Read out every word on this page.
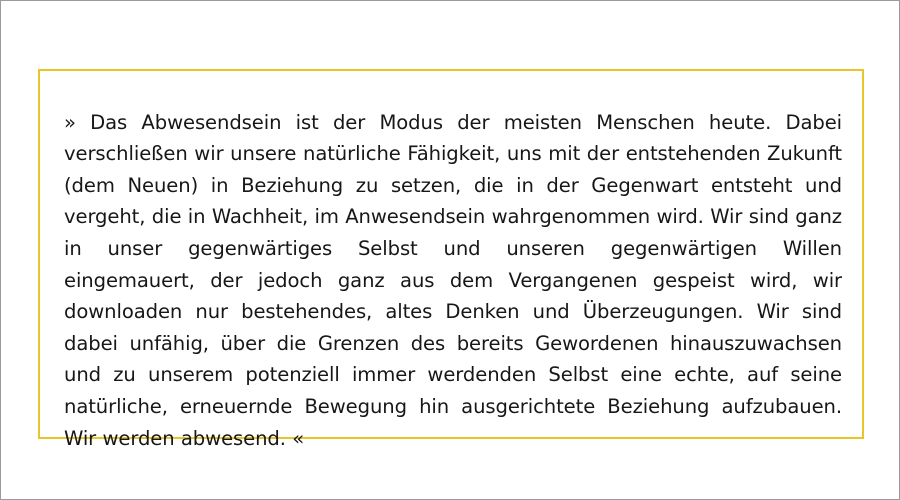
» Das Abwesendsein ist der Modus der meisten Menschen heute. Dabei verschließen wir unsere natürliche Fähigkeit, uns mit der entstehenden Zukunft (dem Neuen) in Beziehung zu setzen, die in der Gegenwart entsteht und vergeht, die in Wachheit, im Anwesendsein wahrgenommen wird. Wir sind ganz in unser gegenwärtiges Selbst und unseren gegenwärtigen Willen eingemauert, der jedoch ganz aus dem Vergangenen gespeist wird, wir downloaden nur bestehendes, altes Denken und Überzeugungen. Wir sind dabei unfähig, über die Grenzen des bereits Gewordenen hinauszuwachsen und zu unserem potenziell immer werdenden Selbst eine echte, auf seine natürliche, erneuernde Bewegung hin ausgerichtete Beziehung aufzubauen. Wir werden abwesend. «
